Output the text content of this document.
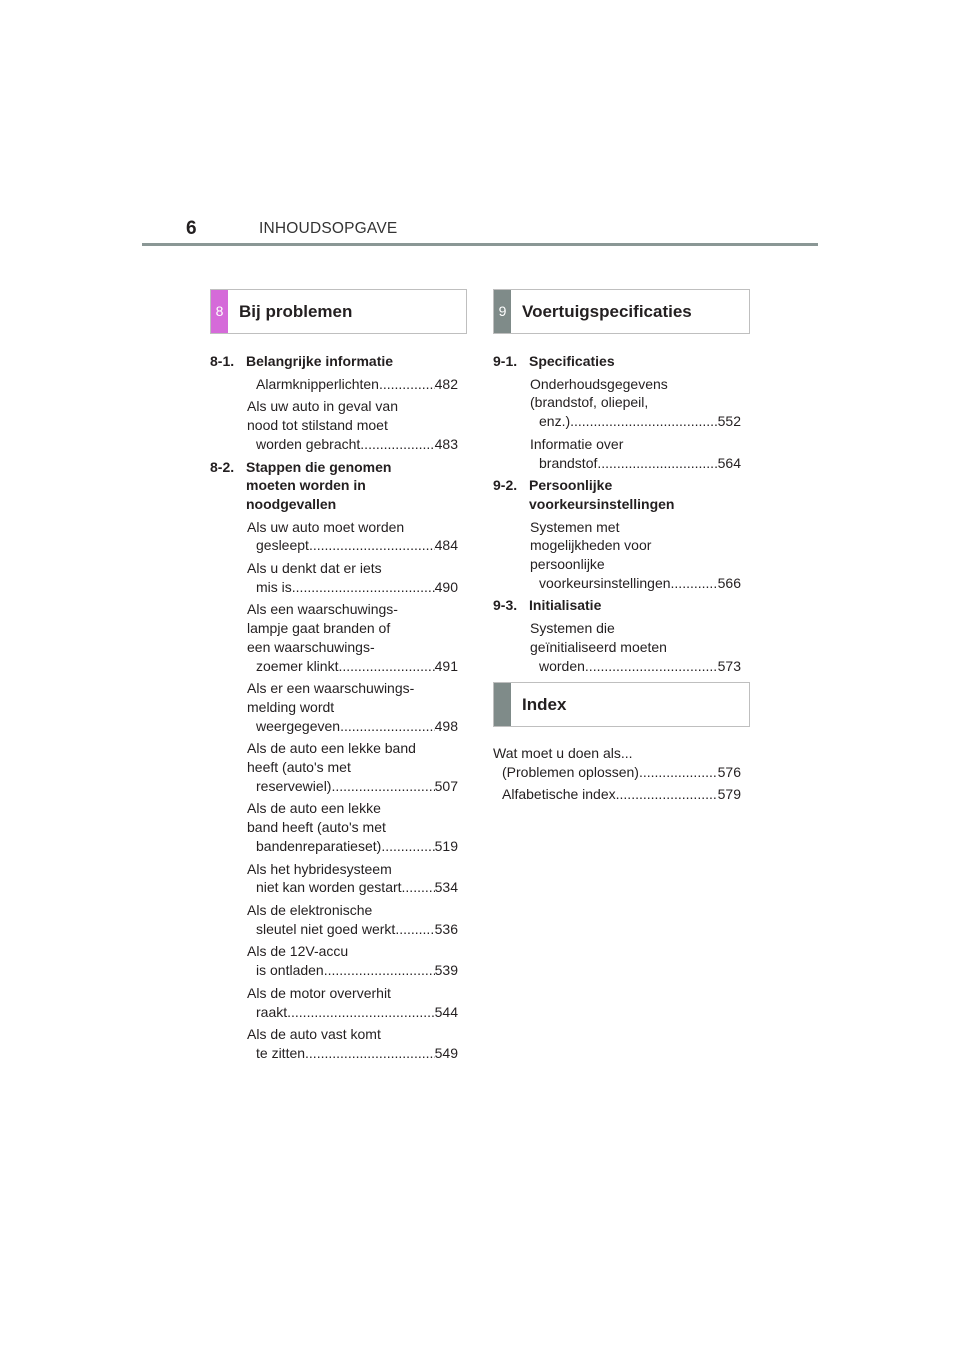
6	INHOUDSOPGAVE
8 Bij problemen	9 Voertuigspecificaties
8-1. Belangrijke informatie
Alarmknipperlichten .....	482
Als uw auto in geval van
nood tot stilstand moet
worden gebracht .....	483
8-2. Stappen die genomen
moeten worden in
noodgevallen
Als uw auto moet worden
gesleept .....	484
Als u denkt dat er iets
mis is .....	490
Als een waarschuwings-
lampje gaat branden of
een waarschuwings-
zoemer klinkt .....	491
Als er een waarschuwings-
melding wordt
weergegeven .....	498
Als de auto een lekke band
heeft (auto's met
reservewiel) .....	507
Als de auto een lekke
band heeft (auto's met
bandenreparatieset) .....	519
Als het hybridesysteem
niet kan worden gestart ..... 534
Als de elektronische
sleutel niet goed werkt .....	536
Als de 12V-accu
is ontladen .....	539
Als de motor oververhit
raakt .....	544
Als de auto vast komt
te zitten .....	549
9-1. Specificaties
Onderhoudsgegevens
(brandstof, oliepeil,
enz.) .....	552
Informatie over
brandstof .....	564
9-2. Persoonlijke
voorkeursinstellingen
Systemen met
mogelijkheden voor
persoonlijke
voorkeursinstellingen .....	566
9-3. Initialisatie
Systemen die
geïnitialiseerd moeten
worden .....	573
Index
Wat moet u doen als...
(Problemen oplossen) .....	576
Alfabetische index .....	579
